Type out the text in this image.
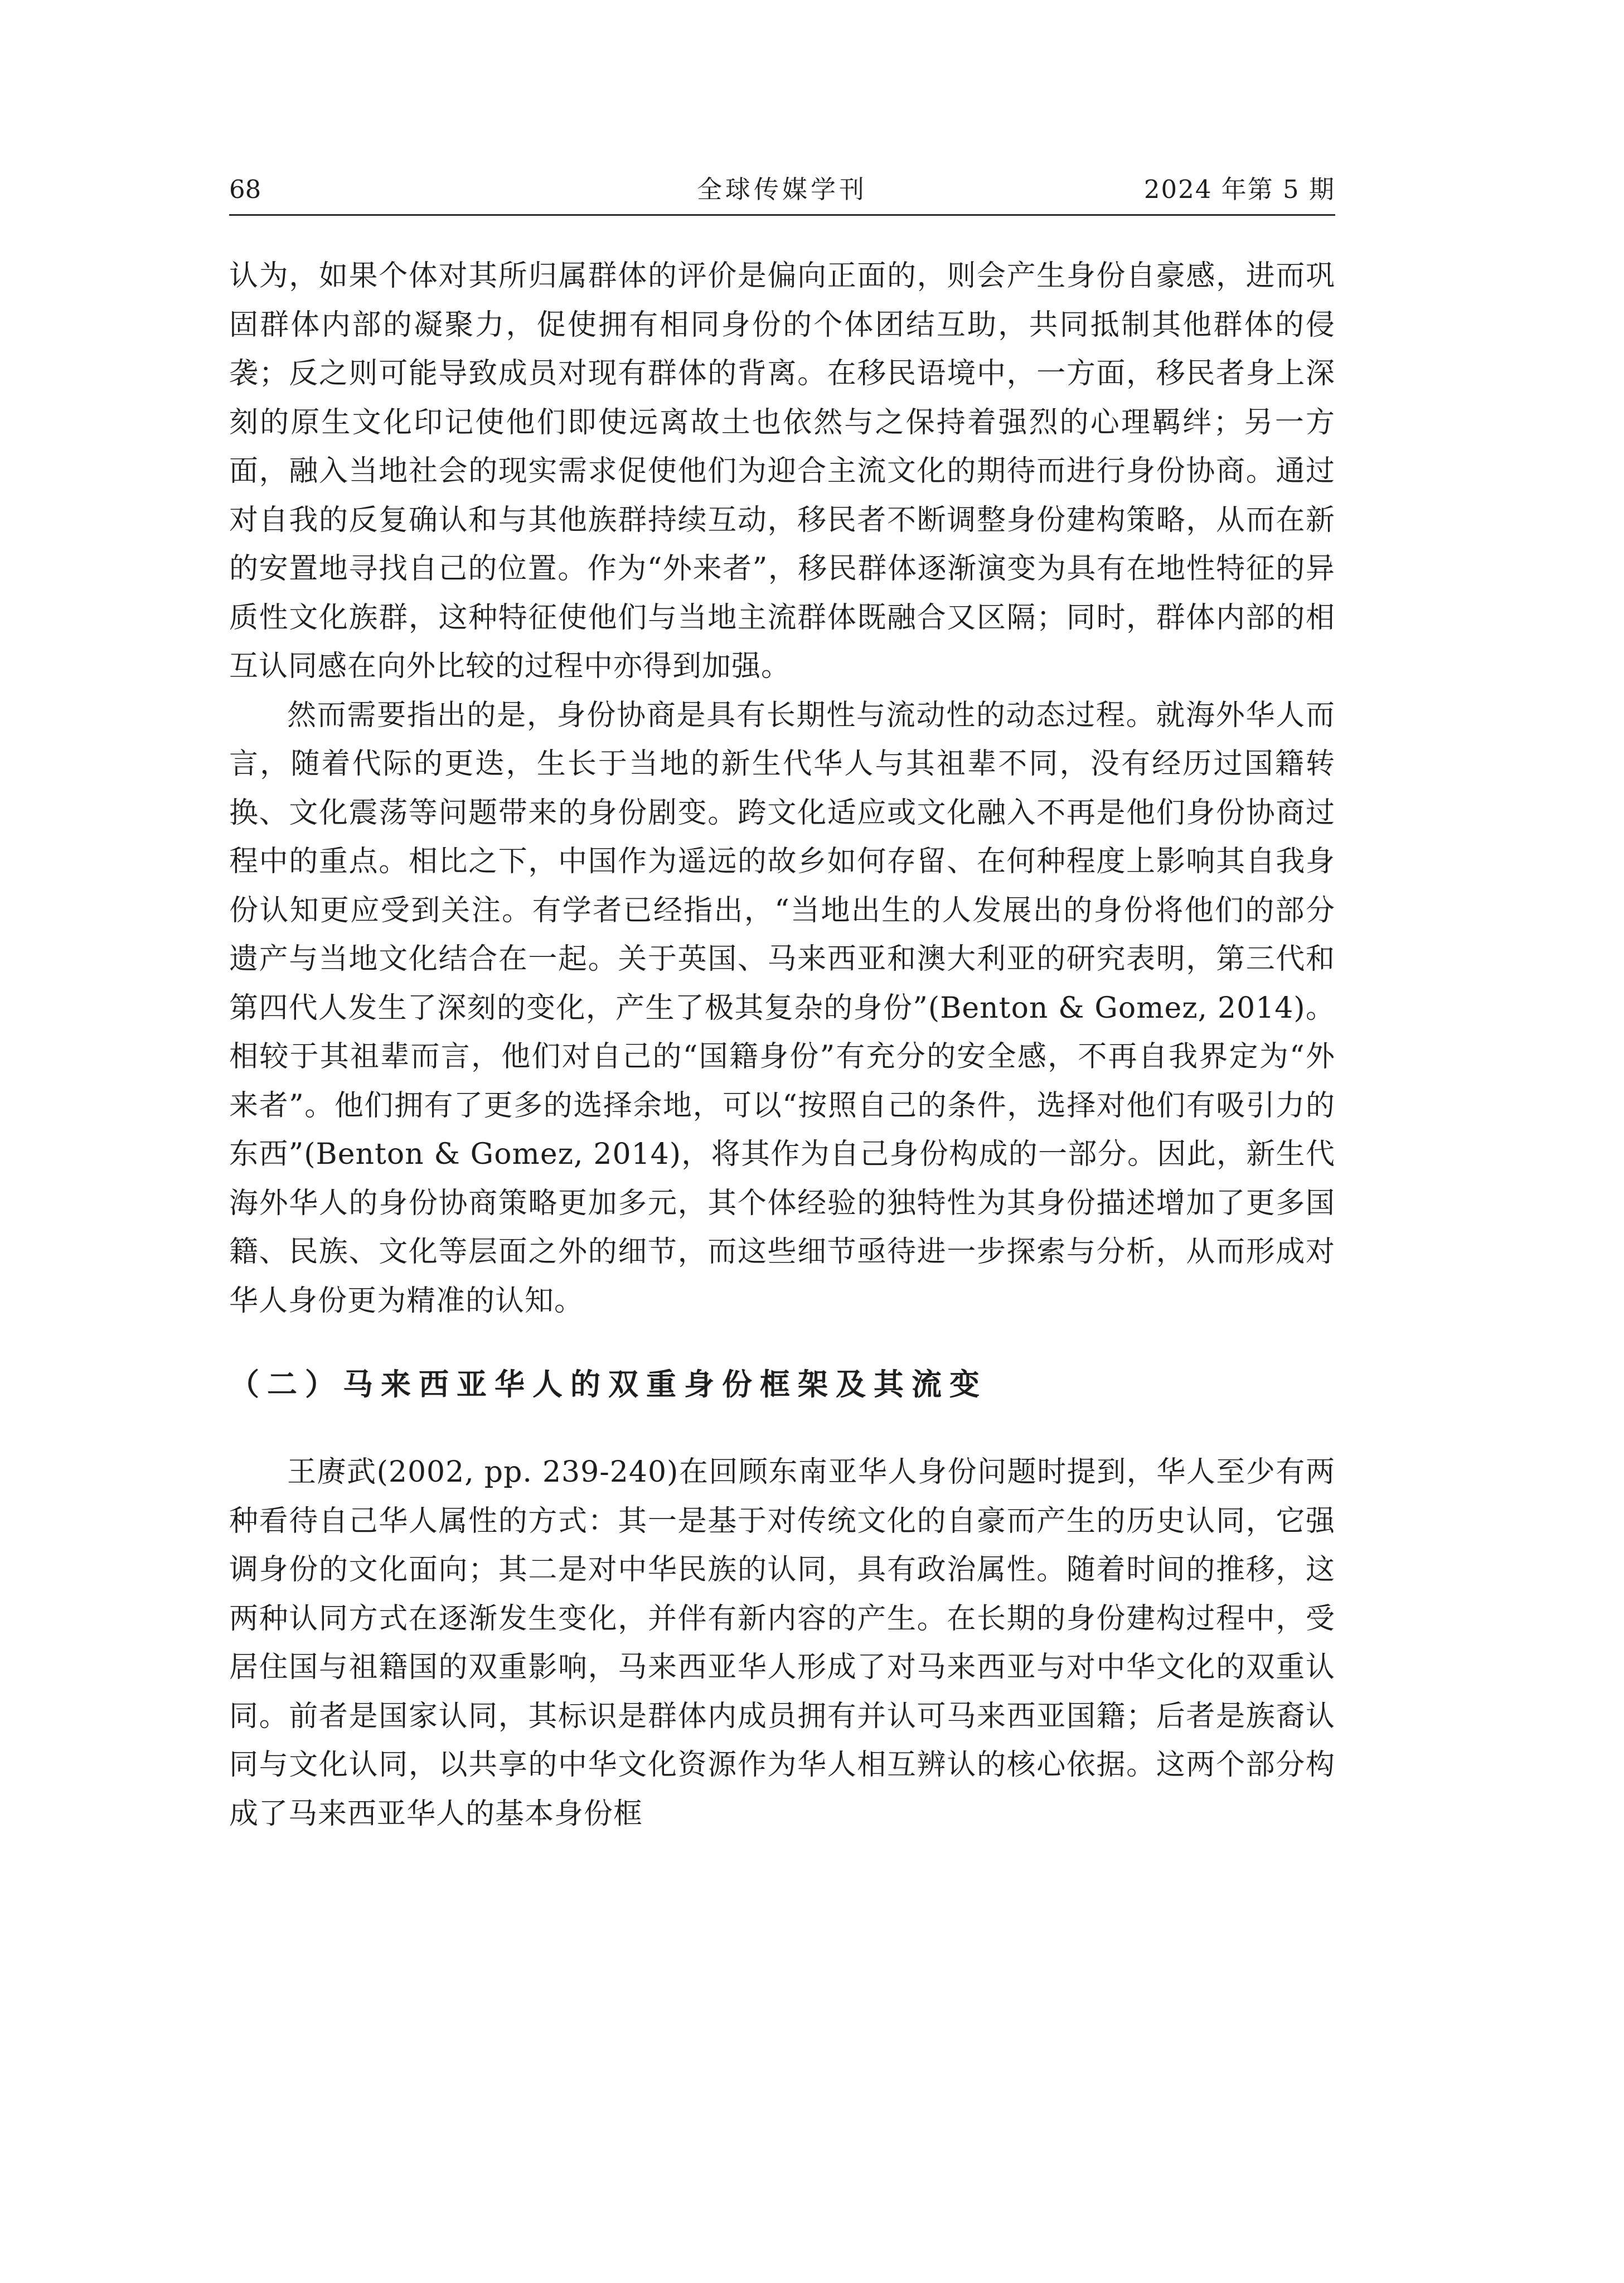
68	全球传媒学刊	2024 年第 5 期

认为，如果个体对其所归属群体的评价是偏向正面的，则会产生身份自豪感，进而巩固群体内部的凝聚力，促使拥有相同身份的个体团结互助，共同抵制其他群体的侵袭；反之则可能导致成员对现有群体的背离。在移民语境中，一方面，移民者身上深刻的原生文化印记使他们即使远离故土也依然与之保持着强烈的心理羁绊；另一方面，融入当地社会的现实需求促使他们为迎合主流文化的期待而进行身份协商。通过对自我的反复确认和与其他族群持续互动，移民者不断调整身份建构策略，从而在新的安置地寻找自己的位置。作为“外来者”，移民群体逐渐演变为具有在地性特征的异质性文化族群，这种特征使他们与当地主流群体既融合又区隔；同时，群体内部的相互认同感在向外比较的过程中亦得到加强。

然而需要指出的是，身份协商是具有长期性与流动性的动态过程。就海外华人而言，随着代际的更迭，生长于当地的新生代华人与其祖辈不同，没有经历过国籍转换、文化震荡等问题带来的身份剧变。跨文化适应或文化融入不再是他们身份协商过程中的重点。相比之下，中国作为遥远的故乡如何存留、在何种程度上影响其自我身份认知更应受到关注。有学者已经指出，“当地出生的人发展出的身份将他们的部分遗产与当地文化结合在一起。关于英国、马来西亚和澳大利亚的研究表明，第三代和第四代人发生了深刻的变化，产生了极其复杂的身份”(Benton & Gomez, 2014)。相较于其祖辈而言，他们对自己的“国籍身份”有充分的安全感，不再自我界定为“外来者”。他们拥有了更多的选择余地，可以“按照自己的条件，选择对他们有吸引力的东西”(Benton & Gomez, 2014)，将其作为自己身份构成的一部分。因此，新生代海外华人的身份协商策略更加多元，其个体经验的独特性为其身份描述增加了更多国籍、民族、文化等层面之外的细节，而这些细节亟待进一步探索与分析，从而形成对华人身份更为精准的认知。

（二）马来西亚华人的双重身份框架及其流变

王赓武(2002, pp. 239-240)在回顾东南亚华人身份问题时提到，华人至少有两种看待自己华人属性的方式：其一是基于对传统文化的自豪而产生的历史认同，它强调身份的文化面向；其二是对中华民族的认同，具有政治属性。随着时间的推移，这两种认同方式在逐渐发生变化，并伴有新内容的产生。在长期的身份建构过程中，受居住国与祖籍国的双重影响，马来西亚华人形成了对马来西亚与对中华文化的双重认同。前者是国家认同，其标识是群体内成员拥有并认可马来西亚国籍；后者是族裔认同与文化认同，以共享的中华文化资源作为华人相互辨认的核心依据。这两个部分构成了马来西亚华人的基本身份框
